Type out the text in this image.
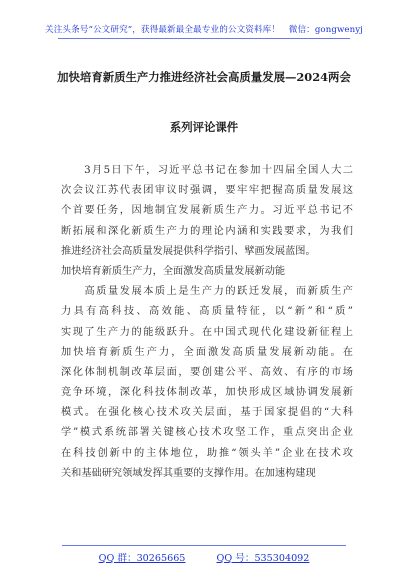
关注头条号“公文研究”，获得最新最全最专业的公文资料库！　微信：gongwenyj
加快培育新质生产力推进经济社会高质量发展—2024两会
系列评论课件
　　3月5日下午，习近平总书记在参加十四届全国人大二
次会议江苏代表团审议时强调，要牢牢把握高质量发展这
个首要任务，因地制宜发展新质生产力。习近平总书记不
断拓展和深化新质生产力的理论内涵和实践要求，为我们
推进经济社会高质量发展提供科学指引、擘画发展蓝图。
加快培育新质生产力，全面激发高质量发展新动能
　　高质量发展本质上是生产力的跃迁发展，而新质生产
力具有高科技、高效能、高质量特征，以“新”和“质”
实现了生产力的能级跃升。在中国式现代化建设新征程上
加快培育新质生产力，全面激发高质量发展新动能。在
深化体制机制改革层面，要创建公平、高效、有序的市场
竞争环境，深化科技体制改革，加快形成区域协调发展新
模式。在强化核心技术攻关层面，基于国家提倡的“大科
学”模式系统部署关键核心技术攻坚工作，重点突出企业
在科技创新中的主体地位，助推“领头羊”企业在技术攻
关和基础研究领域发挥其重要的支撑作用。在加速构建现
QQ 群：30265665	QQ 号：535304092
